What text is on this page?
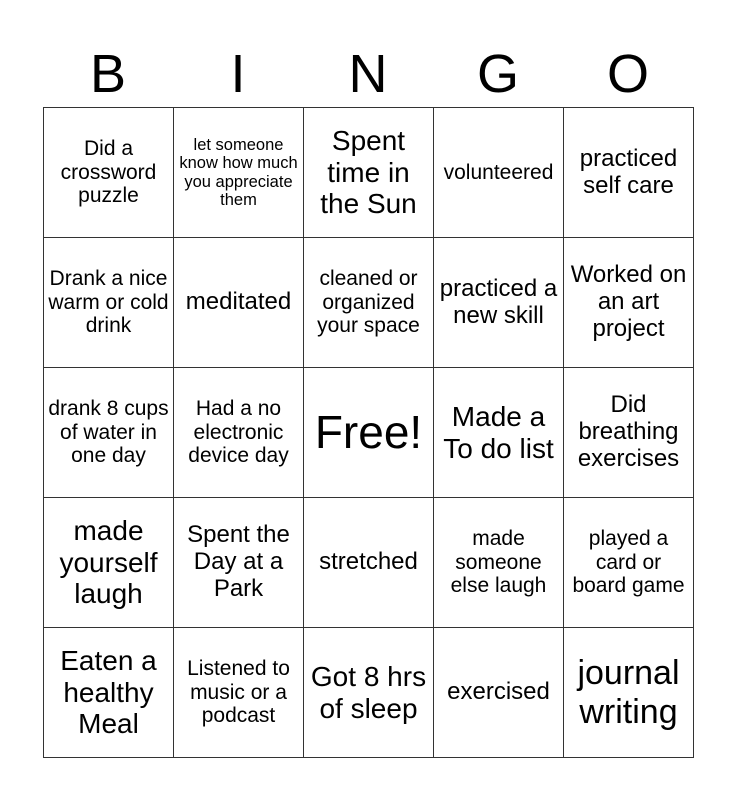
B	I	N	G	O
Did a crossword puzzle	let someone know how much you appreciate them	Spent time in the Sun	volunteered	practiced self care
Drank a nice warm or cold drink	meditated	cleaned or organized your space	practiced a new skill	Worked on an art project
drank 8 cups of water in one day	Had a no electronic device day	Free!	Made a To do list	Did breathing exercises
made yourself laugh	Spent the Day at a Park	stretched	made someone else laugh	played a card or board game
Eaten a healthy Meal	Listened to music or a podcast	Got 8 hrs of sleep	exercised	journal writing
